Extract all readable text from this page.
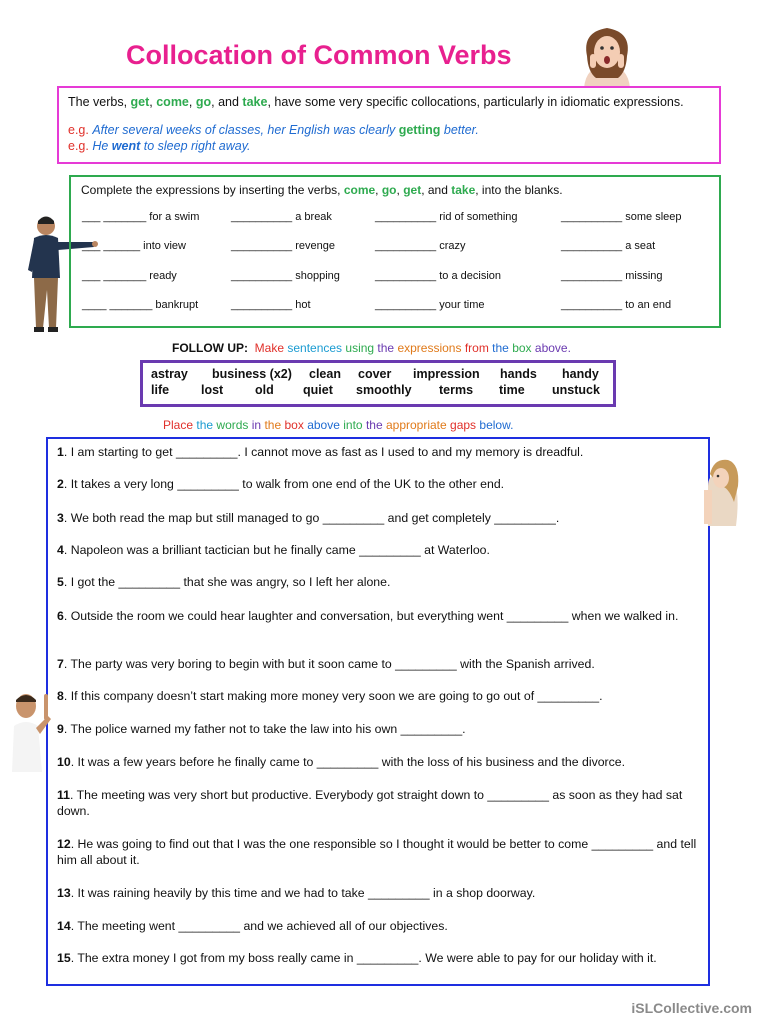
Collocation of Common Verbs
The verbs, get, come, go, and take, have some very specific collocations, particularly in idiomatic expressions.
e.g. After several weeks of classes, her English was clearly getting better.
e.g. He went to sleep right away.
Complete the expressions by inserting the verbs, come, go, get, and take, into the blanks.
___ _______ for a swim	__________ a break	__________ rid of something	__________ some sleep
___ ______ into view	__________ revenge	__________ crazy	__________ a seat
___ _______ ready	__________ shopping	__________ to a decision	__________ missing
____ _______ bankrupt	__________ hot	__________ your time	__________ to an end
FOLLOW UP: Make sentences using the expressions from the box above.
astray business (x2) clean cover impression hands handy
life	lost	old quiet smoothly terms time unstuck
Place the words in the box above into the appropriate gaps below.
1. I am starting to get _________. I cannot move as fast as I used to and my memory is dreadful.
2. It takes a very long _________ to walk from one end of the UK to the other end.
3. We both read the map but still managed to go _________ and get completely _________.
4. Napoleon was a brilliant tactician but he finally came _________ at Waterloo.
5. I got the _________ that she was angry, so I left her alone.
6. Outside the room we could hear laughter and conversation, but everything went _________ when we walked in.
7. The party was very boring to begin with but it soon came to _________ with the Spanish arrived.
8. If this company doesn’t start making more money very soon we are going to go out of _________.
9. The police warned my father not to take the law into his own _________.
10. It was a few years before he finally came to _________ with the loss of his business and the divorce.
11. The meeting was very short but productive. Everybody got straight down to _________ as soon as they had sat down.
12. He was going to find out that I was the one responsible so I thought it would be better to come _________ and tell him all about it.
13. It was raining heavily by this time and we had to take _________ in a shop doorway.
14. The meeting went _________ and we achieved all of our objectives.
15. The extra money I got from my boss really came in _________. We were able to pay for our holiday with it.
iSLCollective.com
